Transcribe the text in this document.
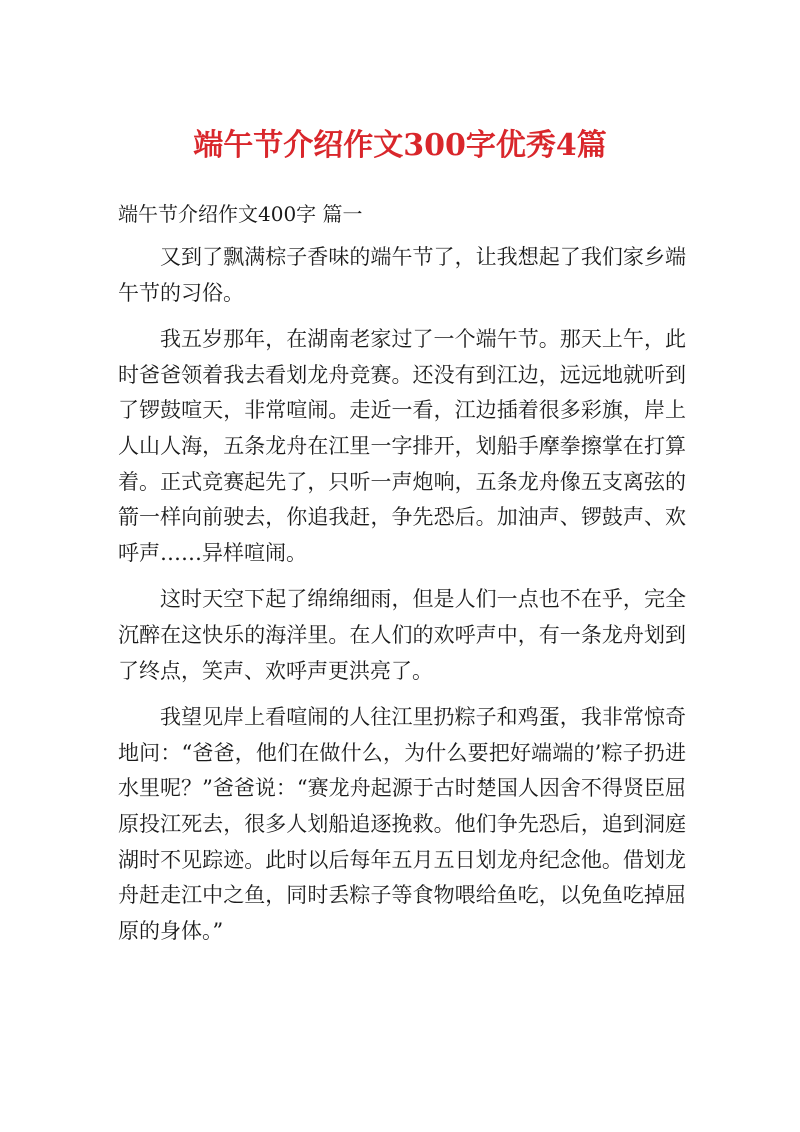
端午节介绍作文300字优秀4篇
端午节介绍作文400字 篇一

又到了飘满棕子香味的端午节了，让我想起了我们家乡端午节的习俗。

我五岁那年，在湖南老家过了一个端午节。那天上午，此时爸爸领着我去看划龙舟竞赛。还没有到江边，远远地就听到了锣鼓喧天，非常喧闹。走近一看，江边插着很多彩旗，岸上人山人海，五条龙舟在江里一字排开，划船手摩拳擦掌在打算着。正式竞赛起先了，只听一声炮响，五条龙舟像五支离弦的箭一样向前驶去，你追我赶，争先恐后。加油声、锣鼓声、欢呼声……异样喧闹。

这时天空下起了绵绵细雨，但是人们一点也不在乎，完全沉醉在这快乐的海洋里。在人们的欢呼声中，有一条龙舟划到了终点，笑声、欢呼声更洪亮了。

我望见岸上看喧闹的人往江里扔粽子和鸡蛋，我非常惊奇地问：“爸爸，他们在做什么，为什么要把好端端的’粽子扔进水里呢？”爸爸说：“赛龙舟起源于古时楚国人因舍不得贤臣屈原投江死去，很多人划船追逐挽救。他们争先恐后，追到洞庭湖时不见踪迹。此时以后每年五月五日划龙舟纪念他。借划龙舟赶走江中之鱼，同时丢粽子等食物喂给鱼吃，以免鱼吃掉屈原的身体。”
